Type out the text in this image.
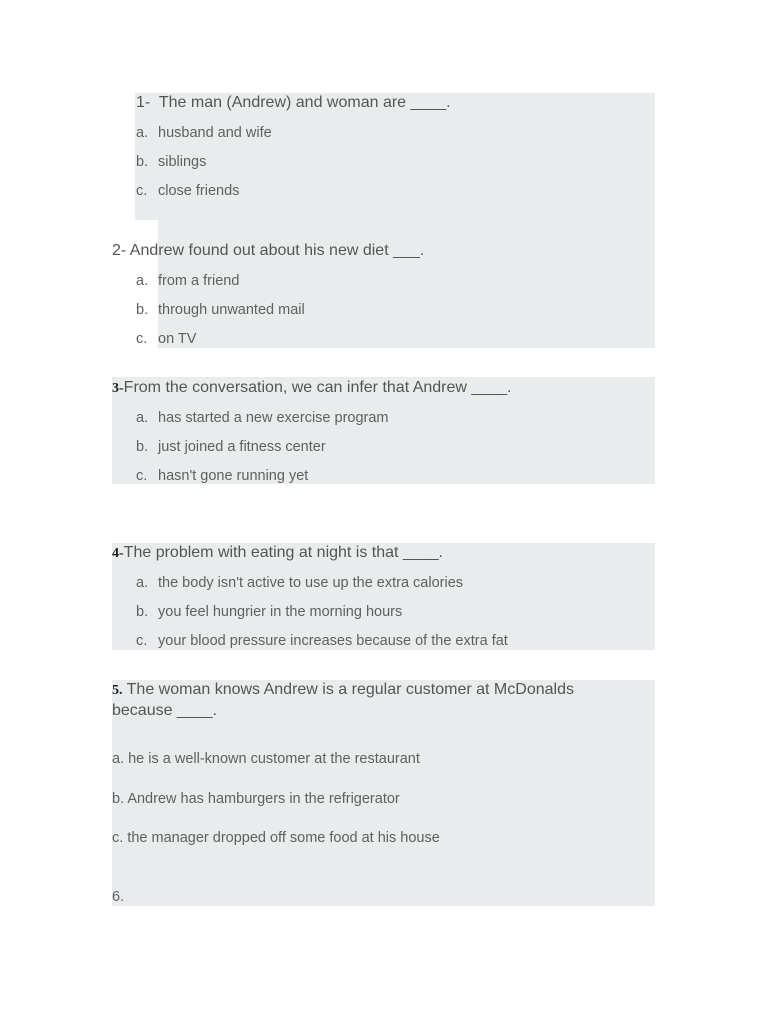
1- The man (Andrew) and woman are ____.
a. husband and wife
b. siblings
c. close friends
2- Andrew found out about his new diet ___.
a. from a friend
b. through unwanted mail
c. on TV
3-From the conversation, we can infer that Andrew ____.
a. has started a new exercise program
b. just joined a fitness center
c. hasn't gone running yet
4-The problem with eating at night is that ____.
a. the body isn't active to use up the extra calories
b. you feel hungrier in the morning hours
c. your blood pressure increases because of the extra fat
5. The woman knows Andrew is a regular customer at McDonalds
because ____.
a. he is a well-known customer at the restaurant
b. Andrew has hamburgers in the refrigerator
c. the manager dropped off some food at his house
6.
